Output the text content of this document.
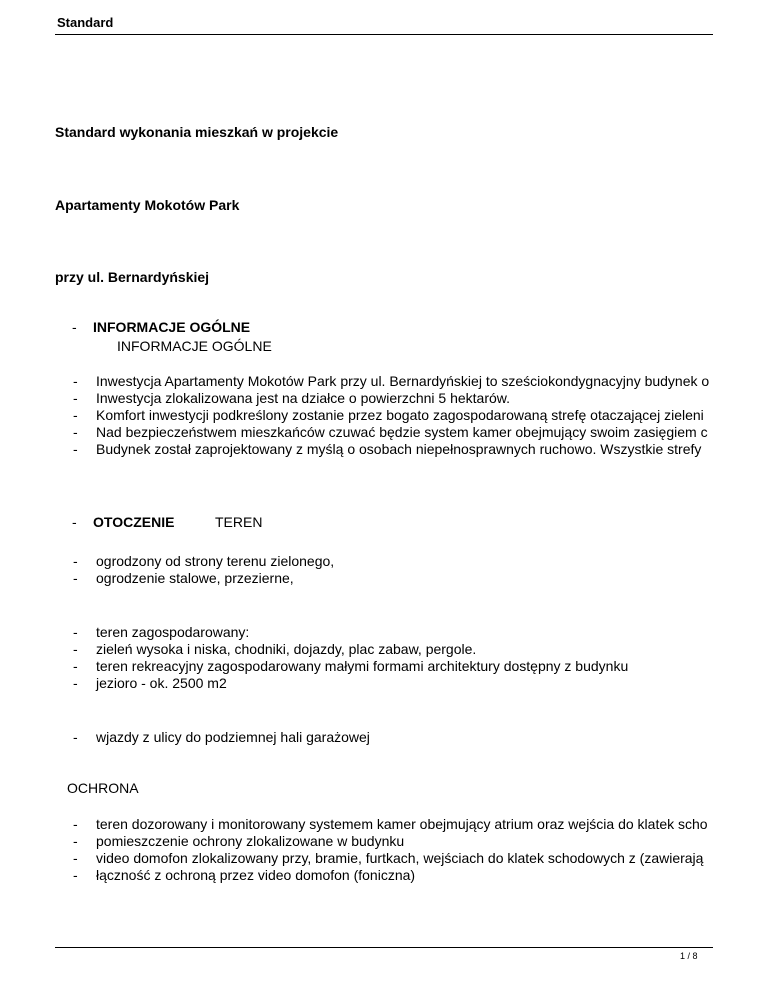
Standard
Standard wykonania mieszkań w projekcie
Apartamenty Mokotów Park
przy ul. Bernardyńskiej
- INFORMACJE OGÓLNE
INFORMACJE OGÓLNE
- Inwestycja Apartamenty Mokotów Park przy ul. Bernardyńskiej to sześciokondygnacyjny budynek o
- Inwestycja zlokalizowana jest na działce o powierzchni 5 hektarów.
- Komfort inwestycji podkreślony zostanie przez bogato zagospodarowaną strefę otaczającej zieleni
- Nad bezpieczeństwem mieszkańców czuwać będzie system kamer obejmujący swoim zasięgiem c
- Budynek został zaprojektowany z myślą o osobach niepełnosprawnych ruchowo. Wszystkie strefy
- OTOCZENIE	TEREN
- ogrodzony od strony terenu zielonego,
- ogrodzenie stalowe, przezierne,
- teren zagospodarowany:
- zieleń wysoka i niska, chodniki, dojazdy, plac zabaw, pergole.
- teren rekreacyjny zagospodarowany małymi formami architektury dostępny z budynku
- jezioro - ok. 2500 m2
- wjazdy z ulicy do podziemnej hali garażowej
OCHRONA
- teren dozorowany i monitorowany systemem kamer obejmujący atrium oraz wejścia do klatek scho
- pomieszczenie ochrony zlokalizowane w budynku
- video domofon zlokalizowany przy, bramie, furtkach, wejściach do klatek schodowych z (zawierają
- łączność z ochroną przez video domofon (foniczna)
1 / 8
